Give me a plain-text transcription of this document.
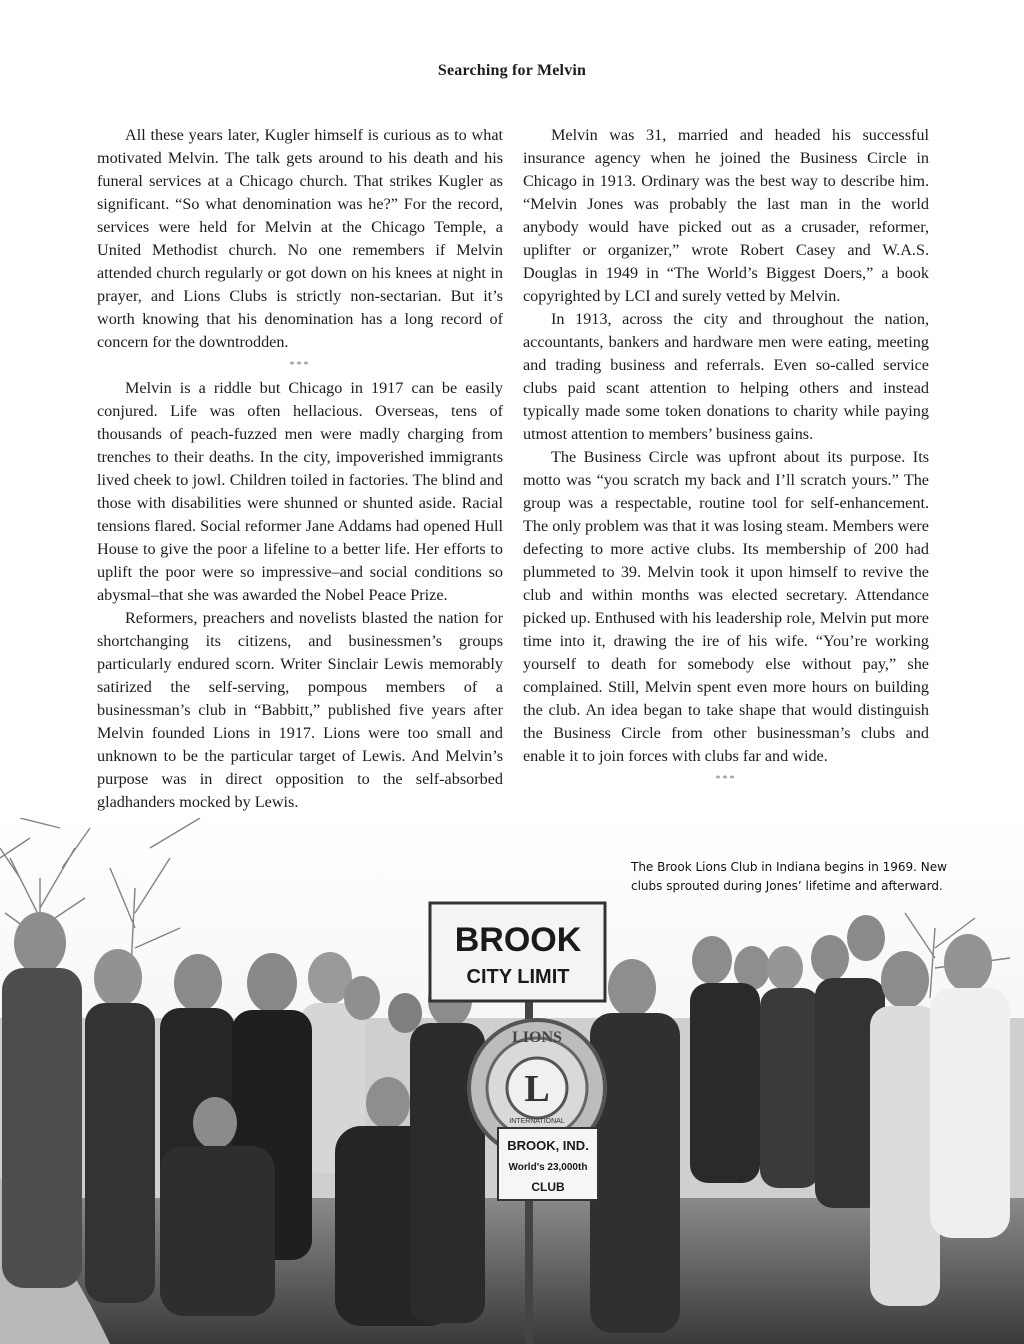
Searching for Melvin

All these years later, Kugler himself is curious as to what motivated Melvin. The talk gets around to his death and his funeral services at a Chicago church. That strikes Kugler as significant. “So what denomination was he?” For the record, services were held for Melvin at the Chicago Temple, a United Methodist church. No one remembers if Melvin attended church regularly or got down on his knees at night in prayer, and Lions Clubs is strictly non-sectarian. But it’s worth knowing that his denomination has a long record of concern for the downtrodden.

***

Melvin is a riddle but Chicago in 1917 can be easily conjured. Life was often hellacious. Overseas, tens of thousands of peach-fuzzed men were madly charging from trenches to their deaths. In the city, impoverished immigrants lived cheek to jowl. Children toiled in factories. The blind and those with disabilities were shunned or shunted aside. Racial tensions flared. Social reformer Jane Addams had opened Hull House to give the poor a lifeline to a better life. Her efforts to uplift the poor were so impressive–and social conditions so abysmal–that she was awarded the Nobel Peace Prize.

Reformers, preachers and novelists blasted the nation for shortchanging its citizens, and businessmen’s groups particularly endured scorn. Writer Sinclair Lewis memorably satirized the self-serving, pompous members of a businessman’s club in “Babbitt,” published five years after Melvin founded Lions in 1917. Lions were too small and unknown to be the particular target of Lewis. And Melvin’s purpose was in direct opposition to the self-absorbed gladhanders mocked by Lewis.

Melvin was 31, married and headed his successful insurance agency when he joined the Business Circle in Chicago in 1913. Ordinary was the best way to describe him. “Melvin Jones was probably the last man in the world anybody would have picked out as a crusader, reformer, uplifter or organizer,” wrote Robert Casey and W.A.S. Douglas in 1949 in “The World’s Biggest Doers,” a book copyrighted by LCI and surely vetted by Melvin.

In 1913, across the city and throughout the nation, accountants, bankers and hardware men were eating, meeting and trading business and referrals. Even so-called service clubs paid scant attention to helping others and instead typically made some token donations to charity while paying utmost attention to members’ business gains.

The Business Circle was upfront about its purpose. Its motto was “you scratch my back and I’ll scratch yours.” The group was a respectable, routine tool for self-enhancement. The only problem was that it was losing steam. Members were defecting to more active clubs. Its membership of 200 had plummeted to 39. Melvin took it upon himself to revive the club and within months was elected secretary. Attendance picked up. Enthused with his leadership role, Melvin put more time into it, drawing the ire of his wife. “You’re working yourself to death for somebody else without pay,” she complained. Still, Melvin spent even more hours on building the club. An idea began to take shape that would distinguish the Business Circle from other businessman’s clubs and enable it to join forces with clubs far and wide.

***
BROOK
CITY LIMIT
LIONS
L
INTERNATIONAL
BROOK, IND.
World's 23,000th
CLUB
The Brook Lions Club in Indiana begins in 1969. New clubs sprouted during Jones’ lifetime and afterward.
